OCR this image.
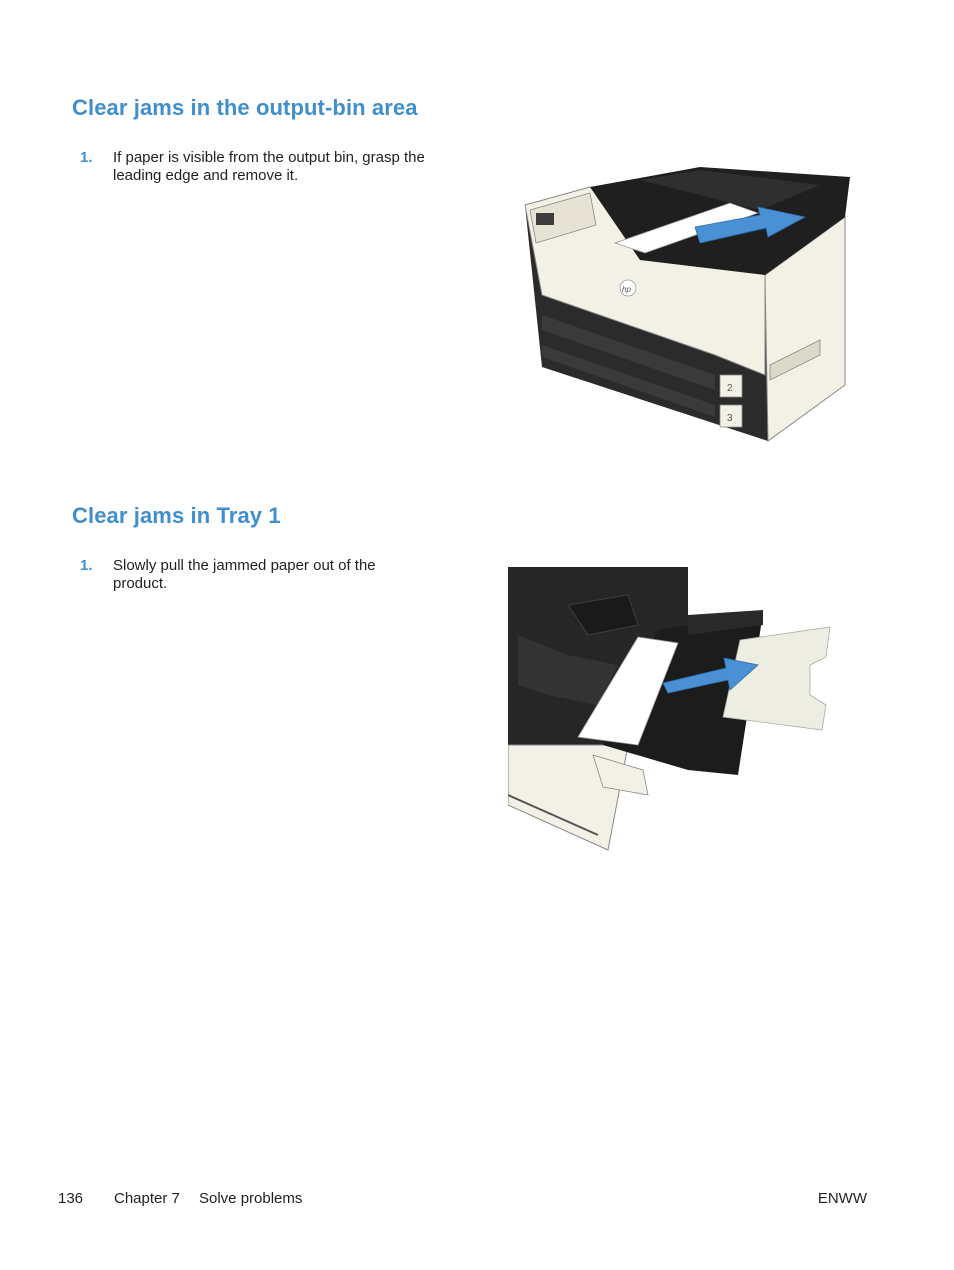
Clear jams in the output-bin area
1. If paper is visible from the output bin, grasp the leading edge and remove it.
2
3
hp
Clear jams in Tray 1
1. Slowly pull the jammed paper out of the product.
136 Chapter 7 Solve problems	ENWW
